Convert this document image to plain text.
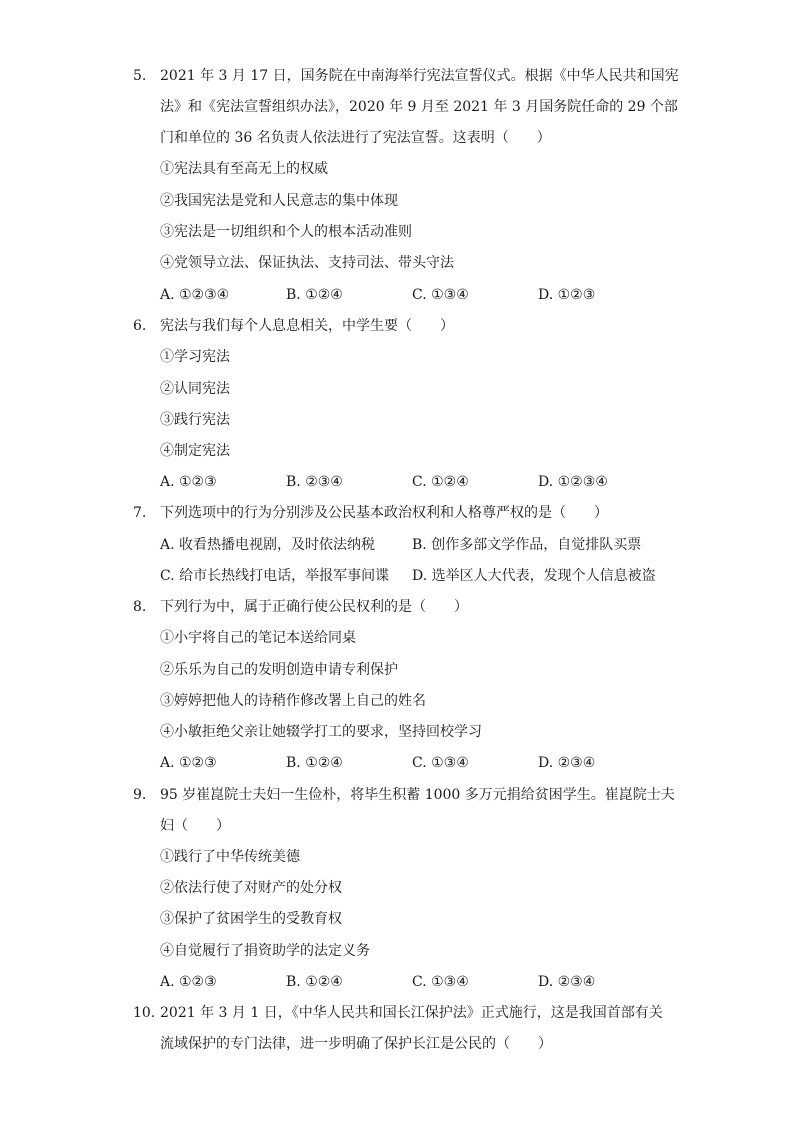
5. 2021 年 3 月 17 日，国务院在中南海举行宪法宣誓仪式。根据《中华人民共和国宪
法》和《宪法宣誓组织办法》，2020 年 9 月至 2021 年 3 月国务院任命的 29 个部
门和单位的 36 名负责人依法进行了宪法宣誓。这表明（　　）
①宪法具有至高无上的权威
②我国宪法是党和人民意志的集中体现
③宪法是一切组织和个人的根本活动准则
④党领导立法、保证执法、支持司法、带头守法
A. ①②③④	B. ①②④	C. ①③④	D. ①②③
6. 宪法与我们每个人息息相关，中学生要（　　）
①学习宪法
②认同宪法
③践行宪法
④制定宪法
A. ①②③	B. ②③④	C. ①②④	D. ①②③④
7. 下列选项中的行为分别涉及公民基本政治权利和人格尊严权的是（　　）
A. 收看热播电视剧，及时依法纳税	B. 创作多部文学作品，自觉排队买票
C. 给市长热线打电话，举报军事间谍 D. 选举区人大代表，发现个人信息被盗
8. 下列行为中，属于正确行使公民权利的是（　　）
①小宇将自己的笔记本送给同桌
②乐乐为自己的发明创造申请专利保护
③婷婷把他人的诗稍作修改署上自己的姓名
④小敏拒绝父亲让她辍学打工的要求，坚持回校学习
A. ①②③	B. ①②④	C. ①③④	D. ②③④
9. 95 岁崔崑院士夫妇一生俭朴，将毕生积蓄 1000 多万元捐给贫困学生。崔崑院士夫
妇（　　）
①践行了中华传统美德
②依法行使了对财产的处分权
③保护了贫困学生的受教育权
④自觉履行了捐资助学的法定义务
A. ①②③	B. ①②④	C. ①③④	D. ②③④
10. 2021 年 3 月 1 日，《中华人民共和国长江保护法》正式施行，这是我国首部有关
流域保护的专门法律，进一步明确了保护长江是公民的（　　）
